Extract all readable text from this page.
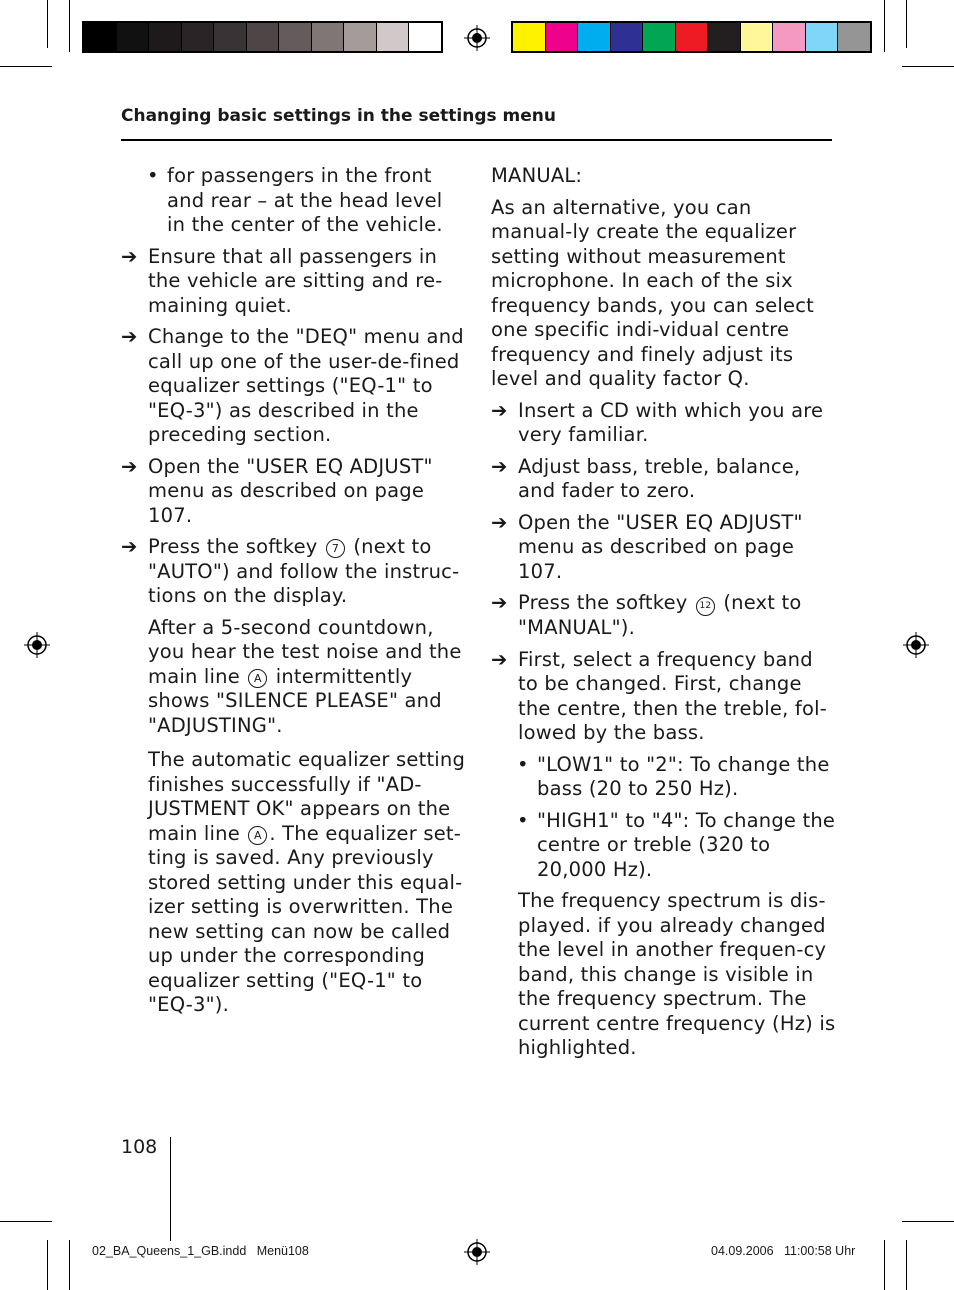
Changing basic settings in the settings menu
• for passengers in the front and rear – at the head level in the center of the vehicle.
➔ Ensure that all passengers in the vehicle are sitting and re-maining quiet.
➔ Change to the "DEQ" menu and call up one of the user-de-fined equalizer settings ("EQ-1" to "EQ-3") as described in the preceding section.
➔ Open the "USER EQ ADJUST" menu as described on page 107.
➔ Press the softkey 7 (next to "AUTO") and follow the instruc-tions on the display.
After a 5-second countdown, you hear the test noise and the main line A intermittently shows "SILENCE PLEASE" and "ADJUSTING".
The automatic equalizer setting finishes successfully if "AD-JUSTMENT OK" appears on the main line A . The equalizer set-ting is saved. Any previously stored setting under this equal-izer setting is overwritten. The new setting can now be called up under the corresponding equalizer setting ("EQ-1" to "EQ-3").
MANUAL:
As an alternative, you can manual-ly create the equalizer setting without measurement microphone. In each of the six frequency bands, you can select one specific indi-vidual centre frequency and finely adjust its level and quality factor Q.
➔ Insert a CD with which you are very familiar.
➔ Adjust bass, treble, balance, and fader to zero.
➔ Open the "USER EQ ADJUST" menu as described on page 107.
➔ Press the softkey 12 (next to "MANUAL").
➔ First, select a frequency band to be changed. First, change the centre, then the treble, fol-lowed by the bass.
• "LOW1" to "2": To change the bass (20 to 250 Hz).
• "HIGH1" to "4": To change the centre or treble (320 to 20,000 Hz).
The frequency spectrum is dis-played. if you already changed the level in another frequen-cy band, this change is visible in the frequency spectrum. The current centre frequency (Hz) is highlighted.
108
02_BA_Queens_1_GB.indd   Menü108	04.09.2006   11:00:58 Uhr
